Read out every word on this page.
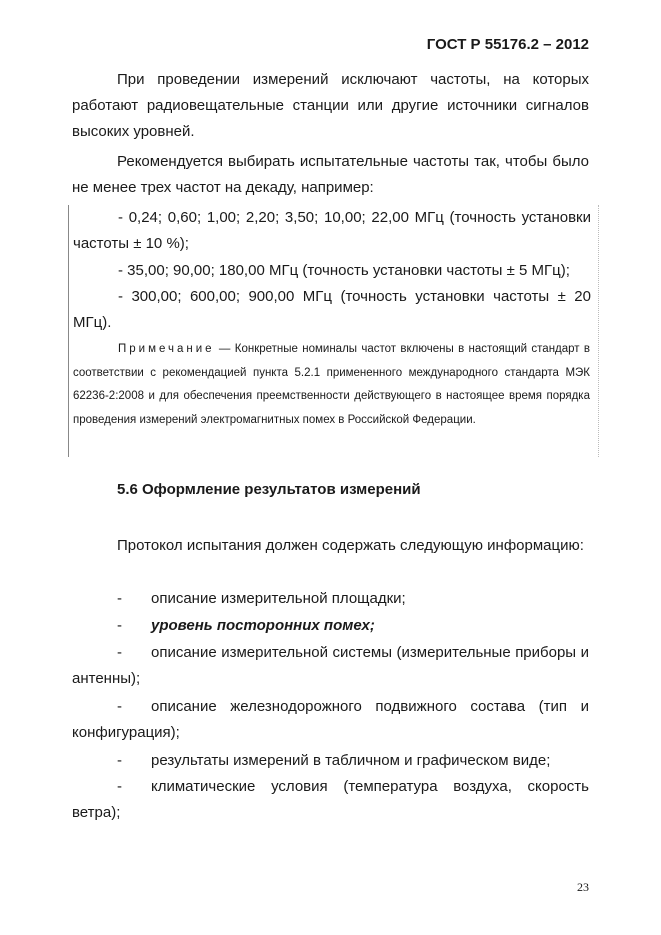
ГОСТ Р 55176.2 – 2012

При проведении измерений исключают частоты, на которых работают радиовещательные станции или другие источники сигналов высоких уровней.

Рекомендуется выбирать испытательные частоты так, чтобы было не менее трех частот на декаду, например:

- 0,24; 0,60; 1,00; 2,20; 3,50; 10,00; 22,00 МГц (точность установки частоты ± 10 %);

- 35,00; 90,00; 180,00 МГц (точность установки частоты ± 5 МГц);

- 300,00; 600,00; 900,00 МГц (точность установки частоты ± 20 МГц).

Примечание — Конкретные номиналы частот включены в настоящий стандарт в соответствии с рекомендацией пункта 5.2.1 примененного международного стандарта МЭК 62236-2:2008 и для обеспечения преемственности действующего в настоящее время порядка проведения измерений электромагнитных помех в Российской Федерации.

5.6 Оформление результатов измерений

Протокол испытания должен содержать следующую информацию:

-	описание измерительной площадки;
-	уровень посторонних помех;
-	описание измерительной системы (измерительные приборы и антенны);
-	описание железнодорожного подвижного состава (тип и конфигурация);
-	результаты измерений в табличном и графическом виде;
-	климатические условия (температура воздуха, скорость ветра);
23
